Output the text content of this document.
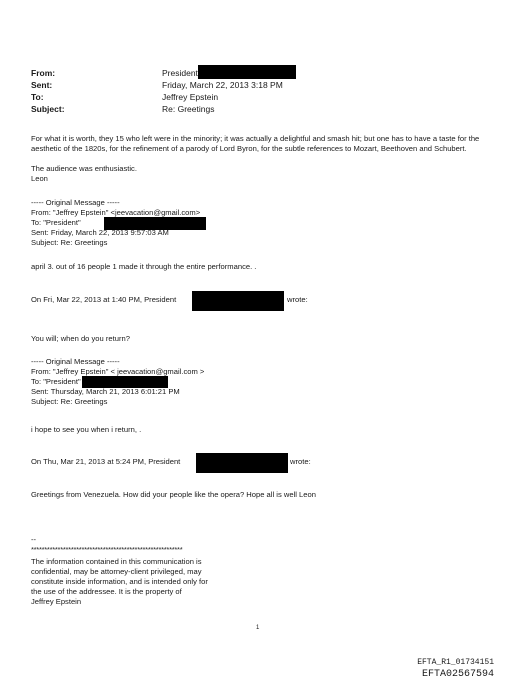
From:	President
Sent:	Friday, March 22, 2013 3:18 PM
To:	Jeffrey Epstein
Subject:	Re: Greetings
For what it is worth, they 15 who left were in the minority; it was actually a delightful and smash hit; but one has to have a taste for the aesthetic of the 1820s, for the refinement of a parody of Lord Byron, for the subtle references to Mozart, Beethoven and Schubert.
The audience was enthusiastic.
Leon
----- Original Message -----
From: "Jeffrey Epstein" <jeevacation@gmail.com>
To: "President"
Sent: Friday, March 22, 2013 9:57:03 AM
Subject: Re: Greetings
april 3. out of 16 people 1 made it through the entire performance. .
On Fri, Mar 22, 2013 at 1:40 PM, President	wrote:
You will; when do you return?
----- Original Message -----
From: "Jeffrey Epstein" < jeevacation@gmail.com >
To: "President"
Sent: Thursday, March 21, 2013 6:01:21 PM
Subject: Re: Greetings
i hope to see you when i return, .
On Thu, Mar 21, 2013 at 5:24 PM, President	wrote:
Greetings from Venezuela. How did your people like the opera? Hope all is well Leon
--
*********************************************************
The information contained in this communication is
confidential, may be attorney-client privileged, may
constitute inside information, and is intended only for
the use of the addressee. It is the property of
Jeffrey Epstein
1
EFTA_R1_01734151
EFTA02567594
